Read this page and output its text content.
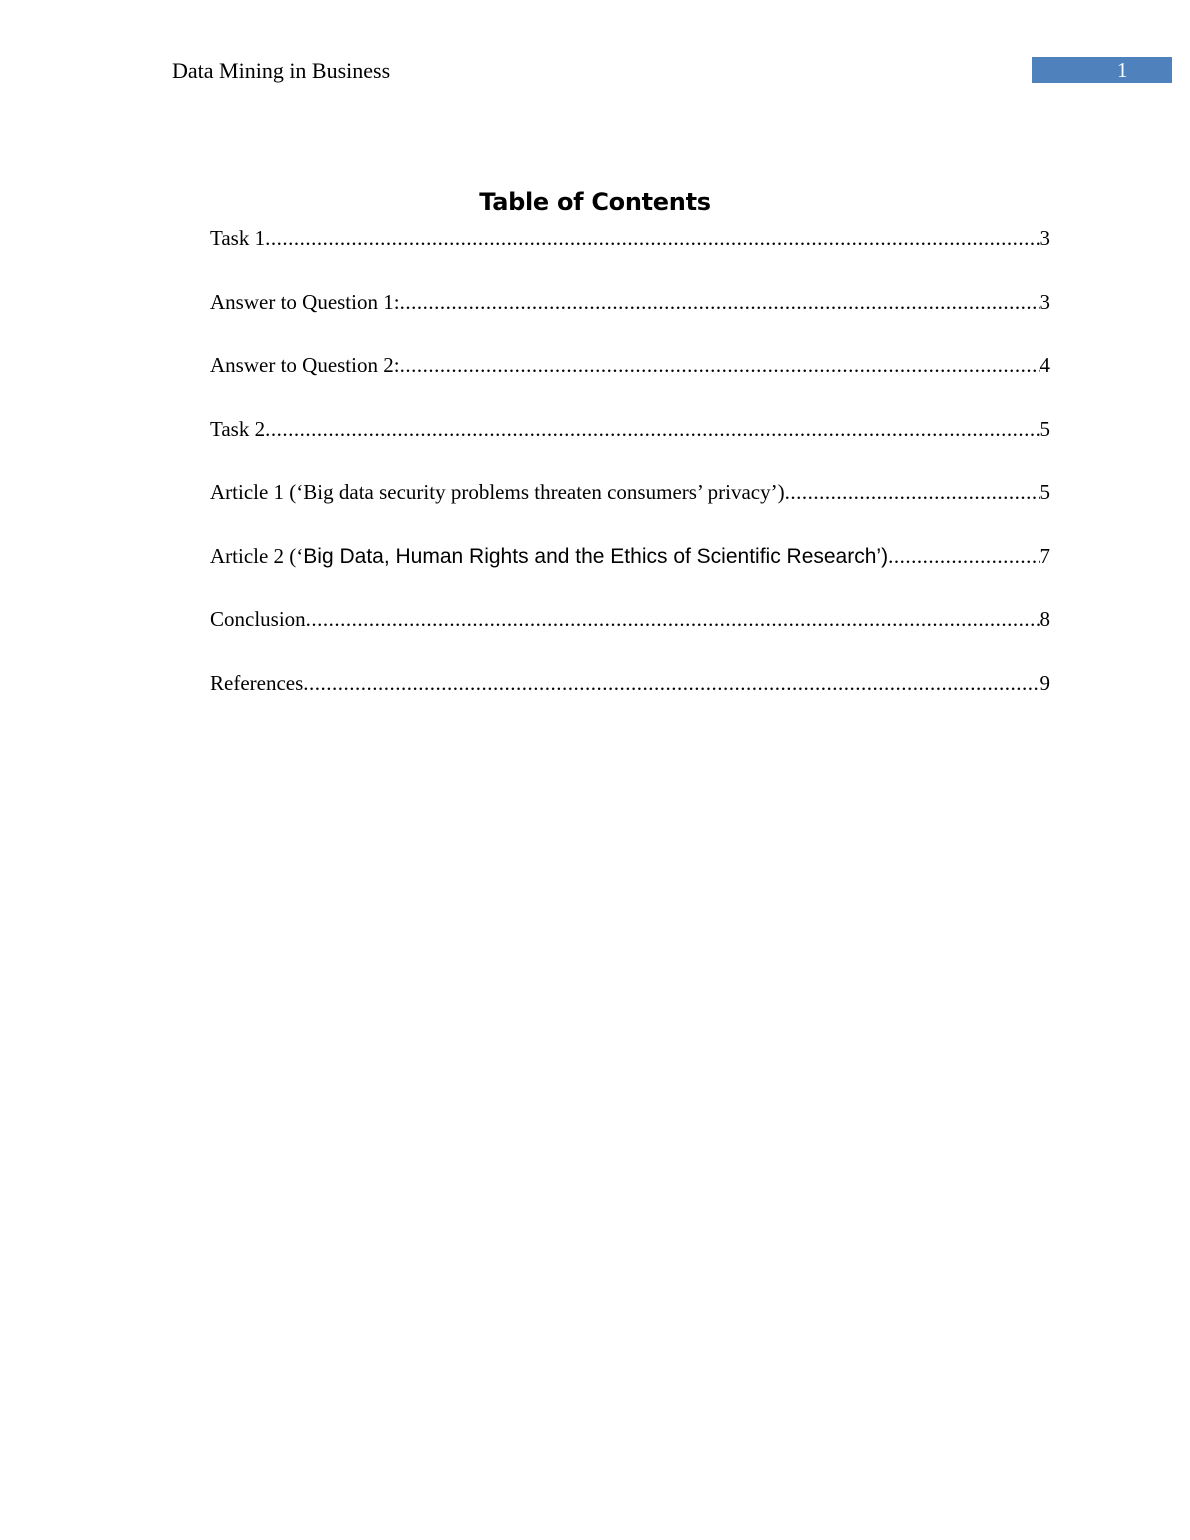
Data Mining in Business	1
Table of Contents
Task 1 .....	3
Answer to Question 1: .....	3
Answer to Question 2: .....	4
Task 2 .....	5
Article 1 (‘Big data security problems threaten consumers’ privacy’) .....	5
Article 2 (‘Big Data, Human Rights and the Ethics of Scientific Research’) .....	7
Conclusion .....	8
References .....	9
